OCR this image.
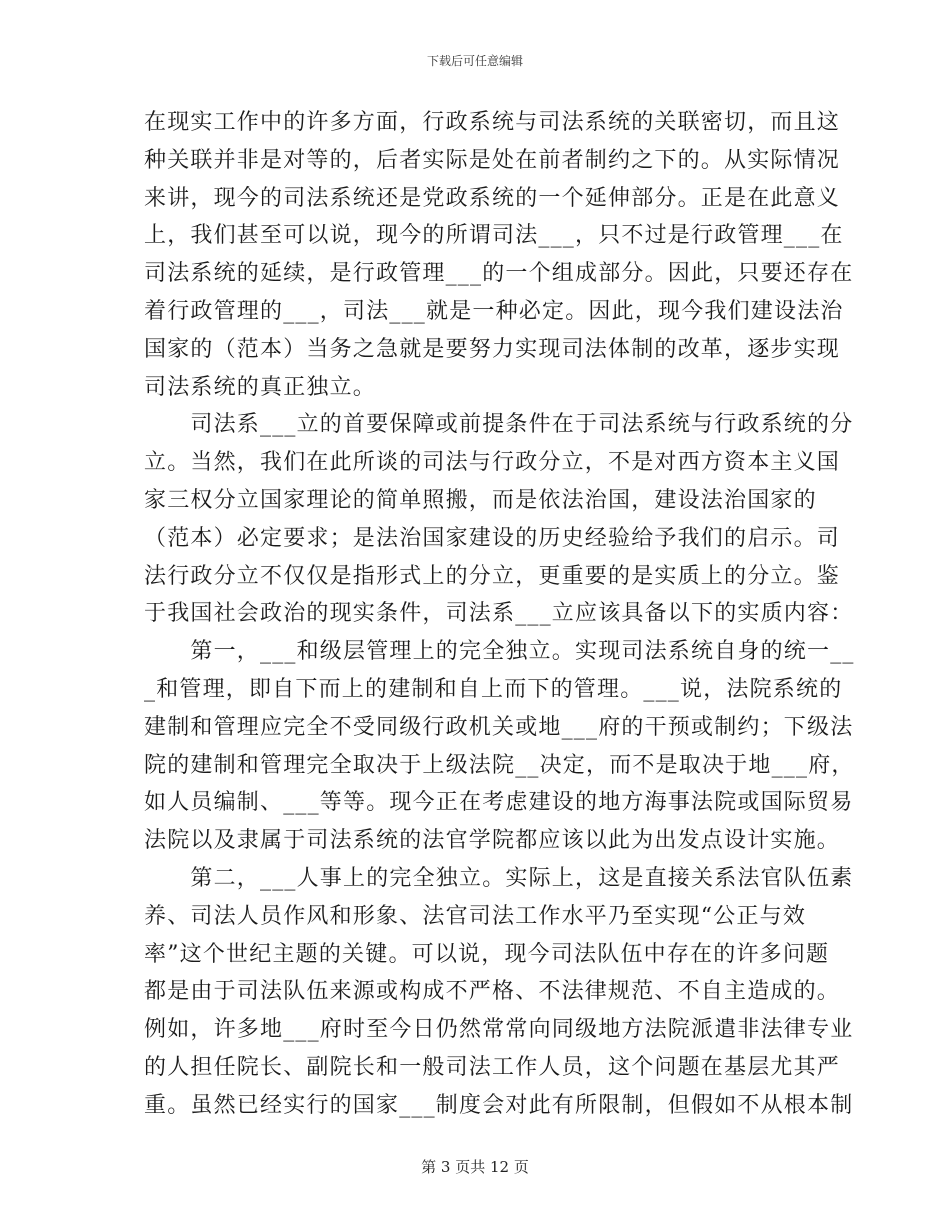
下载后可任意编辑
在现实工作中的许多方面，行政系统与司法系统的关联密切，而且这
种关联并非是对等的，后者实际是处在前者制约之下的。从实际情况
来讲，现今的司法系统还是党政系统的一个延伸部分。正是在此意义
上，我们甚至可以说，现今的所谓司法___，只不过是行政管理___在
司法系统的延续，是行政管理___的一个组成部分。因此，只要还存在
着行政管理的___，司法___就是一种必定。因此，现今我们建设法治
国家的（范本）当务之急就是要努力实现司法体制的改革，逐步实现
司法系统的真正独立。
　　司法系___立的首要保障或前提条件在于司法系统与行政系统的分
立。当然，我们在此所谈的司法与行政分立，不是对西方资本主义国
家三权分立国家理论的简单照搬，而是依法治国，建设法治国家的
（范本）必定要求；是法治国家建设的历史经验给予我们的启示。司
法行政分立不仅仅是指形式上的分立，更重要的是实质上的分立。鉴
于我国社会政治的现实条件，司法系___立应该具备以下的实质内容：
　　第一，___和级层管理上的完全独立。实现司法系统自身的统一__
_和管理，即自下而上的建制和自上而下的管理。___说，法院系统的
建制和管理应完全不受同级行政机关或地___府的干预或制约；下级法
院的建制和管理完全取决于上级法院__决定，而不是取决于地___府，
如人员编制、___等等。现今正在考虑建设的地方海事法院或国际贸易
法院以及隶属于司法系统的法官学院都应该以此为出发点设计实施。
　　第二，___人事上的完全独立。实际上，这是直接关系法官队伍素
养、司法人员作风和形象、法官司法工作水平乃至实现“公正与效
率”这个世纪主题的关键。可以说，现今司法队伍中存在的许多问题
都是由于司法队伍来源或构成不严格、不法律规范、不自主造成的。
例如，许多地___府时至今日仍然常常向同级地方法院派遣非法律专业
的人担任院长、副院长和一般司法工作人员，这个问题在基层尤其严
重。虽然已经实行的国家___制度会对此有所限制，但假如不从根本制
第 3 页共 12 页
